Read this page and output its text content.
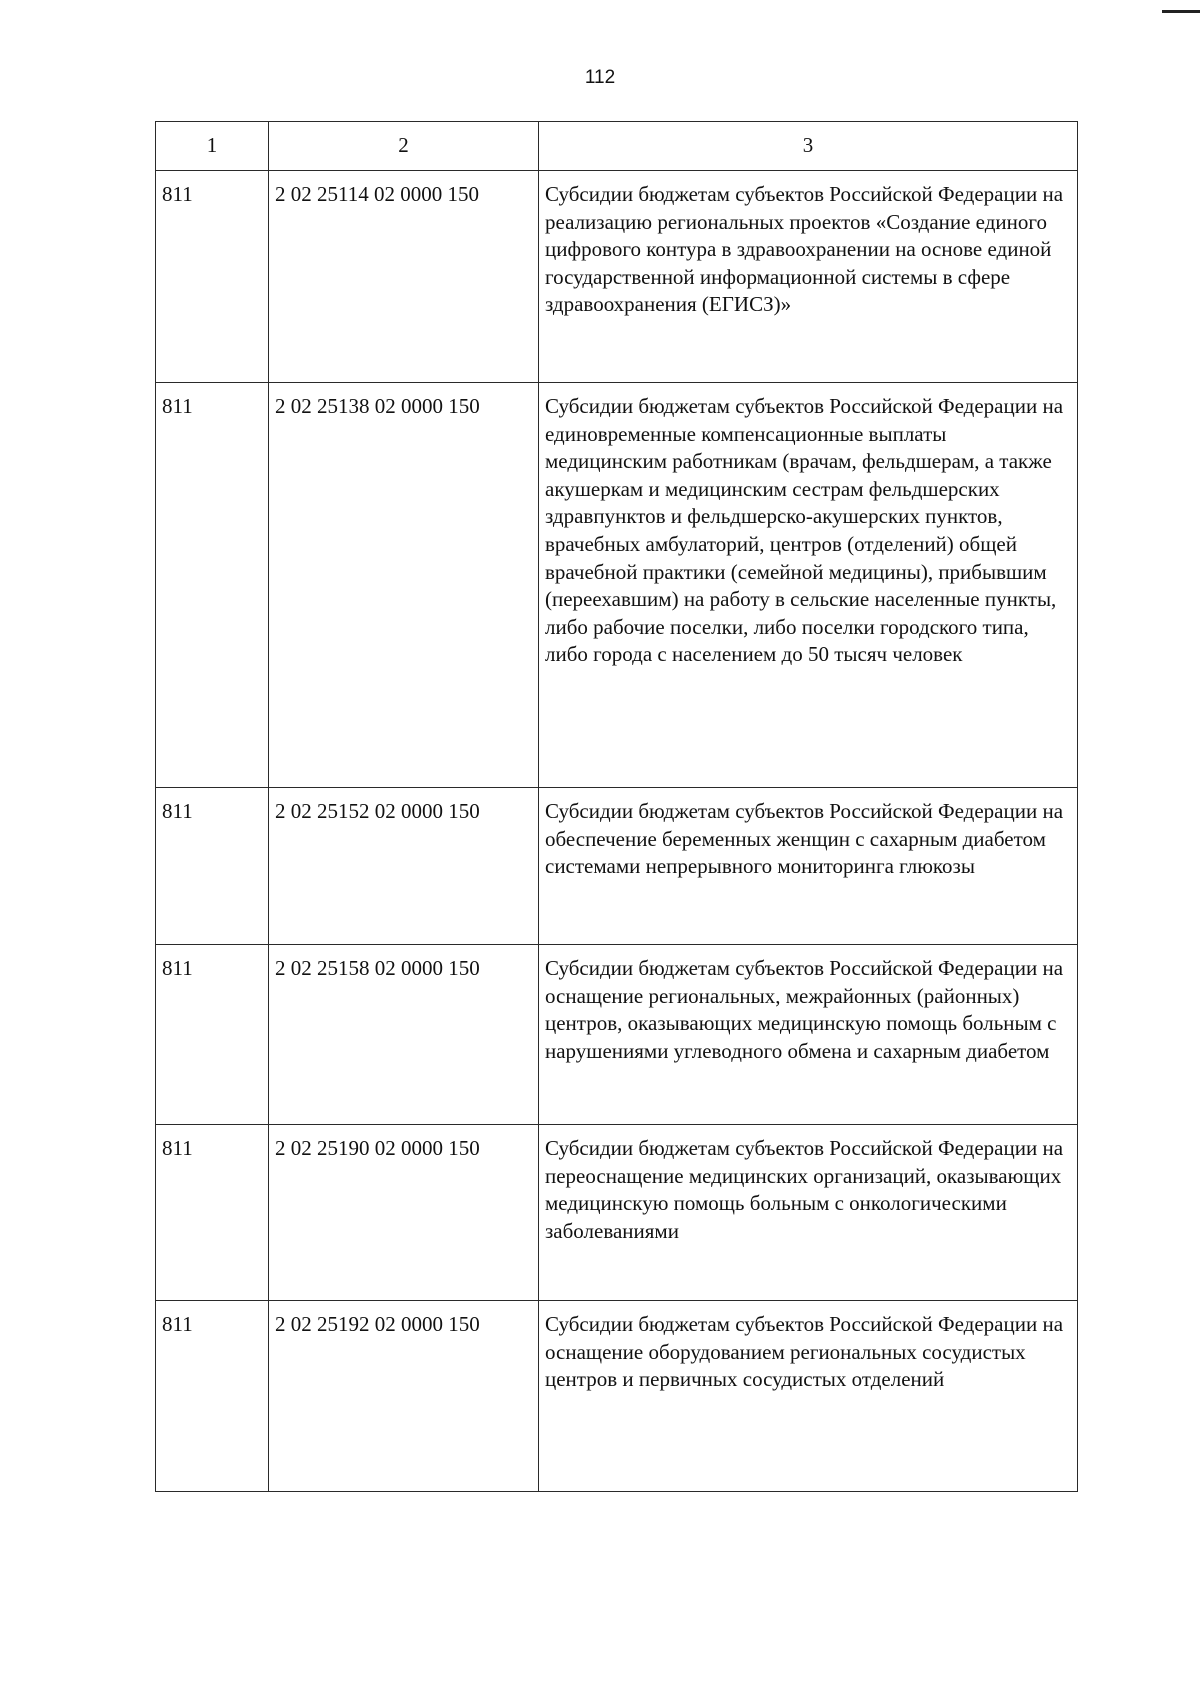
112
1	2	3
811	2 02 25114 02 0000 150	Субсидии бюджетам субъектов Российской Федерации на реализацию региональных проектов «Создание единого цифрового контура в здравоохранении на основе единой государственной информационной системы в сфере здравоохранения (ЕГИСЗ)»
811	2 02 25138 02 0000 150	Субсидии бюджетам субъектов Российской Федерации на единовременные компенсационные выплаты медицинским работникам (врачам, фельдшерам, а также акушеркам и медицинским сестрам фельдшерских здравпунктов и фельдшерско-акушерских пунктов, врачебных амбулаторий, центров (отделений) общей врачебной практики (семейной медицины), прибывшим (переехавшим) на работу в сельские населенные пункты, либо рабочие поселки, либо поселки городского типа, либо города с населением до 50 тысяч человек
811	2 02 25152 02 0000 150	Субсидии бюджетам субъектов Российской Федерации на обеспечение беременных женщин с сахарным диабетом системами непрерывного мониторинга глюкозы
811	2 02 25158 02 0000 150	Субсидии бюджетам субъектов Российской Федерации на оснащение региональных, межрайонных (районных) центров, оказывающих медицинскую помощь больным с нарушениями углеводного обмена и сахарным диабетом
811	2 02 25190 02 0000 150	Субсидии бюджетам субъектов Российской Федерации на переоснащение медицинских организаций, оказывающих медицинскую помощь больным с онкологическими заболеваниями
811	2 02 25192 02 0000 150	Субсидии бюджетам субъектов Российской Федерации на оснащение оборудованием региональных сосудистых центров и первичных сосудистых отделений
